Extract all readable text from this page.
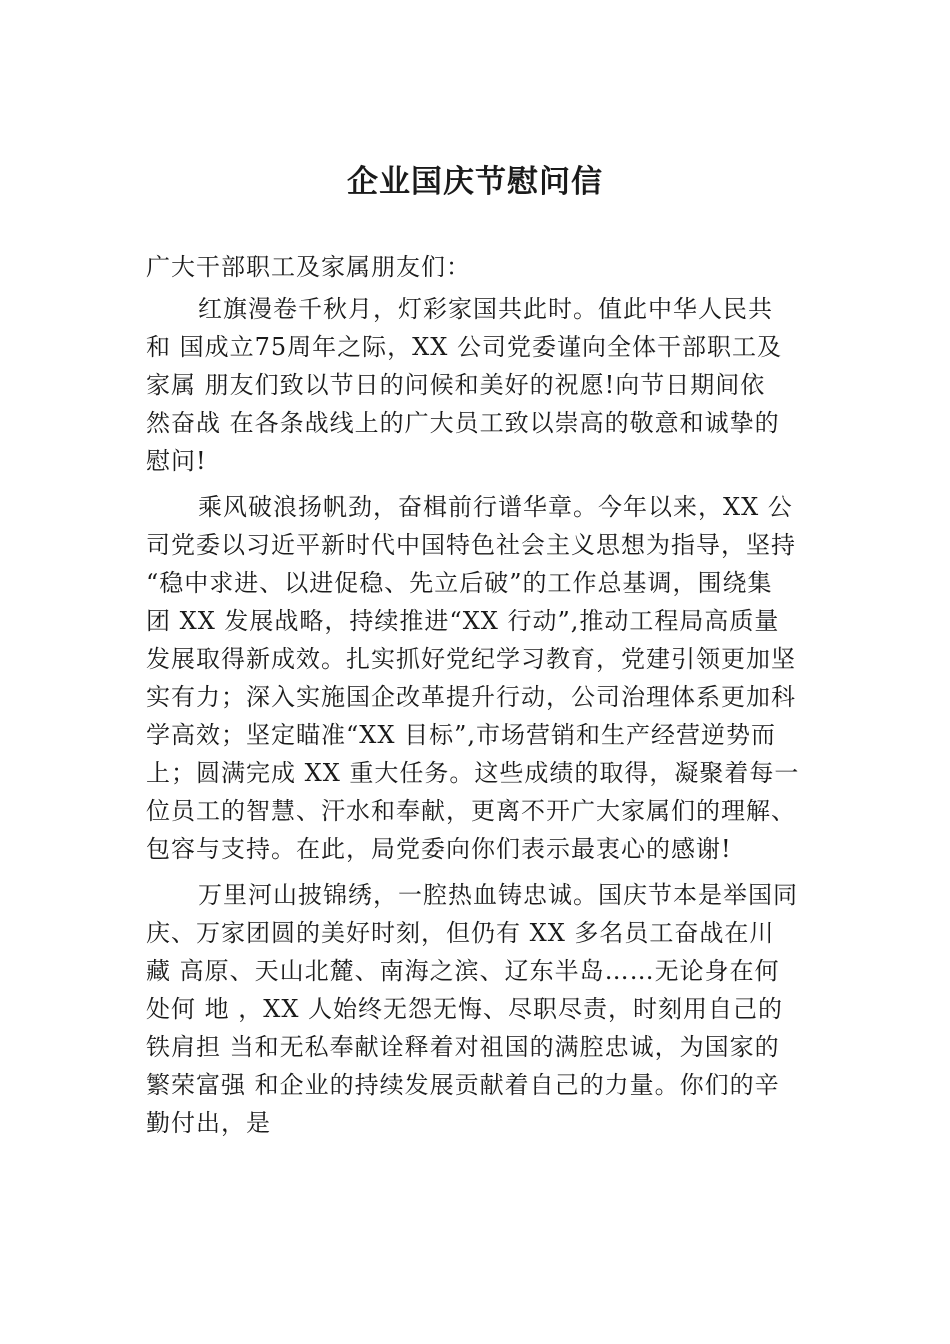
企业国庆节慰问信
广大干部职工及家属朋友们：
红旗漫卷千秋月，灯彩家国共此时。值此中华人民共
和 国成立75周年之际，XX 公司党委谨向全体干部职工及
家属 朋友们致以节日的问候和美好的祝愿!向节日期间依
然奋战 在各条战线上的广大员工致以崇高的敬意和诚挚的
慰问!
乘风破浪扬帆劲，奋楫前行谱华章。今年以来，XX 公
司党委以习近平新时代中国特色社会主义思想为指导，坚持
“稳中求进、以进促稳、先立后破”的工作总基调，围绕集
团 XX 发展战略，持续推进“XX 行动”,推动工程局高质量
发展取得新成效。扎实抓好党纪学习教育，党建引领更加坚
实有力；深入实施国企改革提升行动，公司治理体系更加科
学高效；坚定瞄准“XX 目标”,市场营销和生产经营逆势而
上；圆满完成 XX 重大任务。这些成绩的取得，凝聚着每一
位员工的智慧、汗水和奉献，更离不开广大家属们的理解、
包容与支持。在此，局党委向你们表示最衷心的感谢!
万里河山披锦绣，一腔热血铸忠诚。国庆节本是举国同
庆、万家团圆的美好时刻，但仍有 XX 多名员工奋战在川
藏 高原、天山北麓、南海之滨、辽东半岛……无论身在何
处何 地 ，XX 人始终无怨无悔、尽职尽责，时刻用自己的
铁肩担 当和无私奉献诠释着对祖国的满腔忠诚，为国家的
繁荣富强 和企业的持续发展贡献着自己的力量。你们的辛
勤付出，是
